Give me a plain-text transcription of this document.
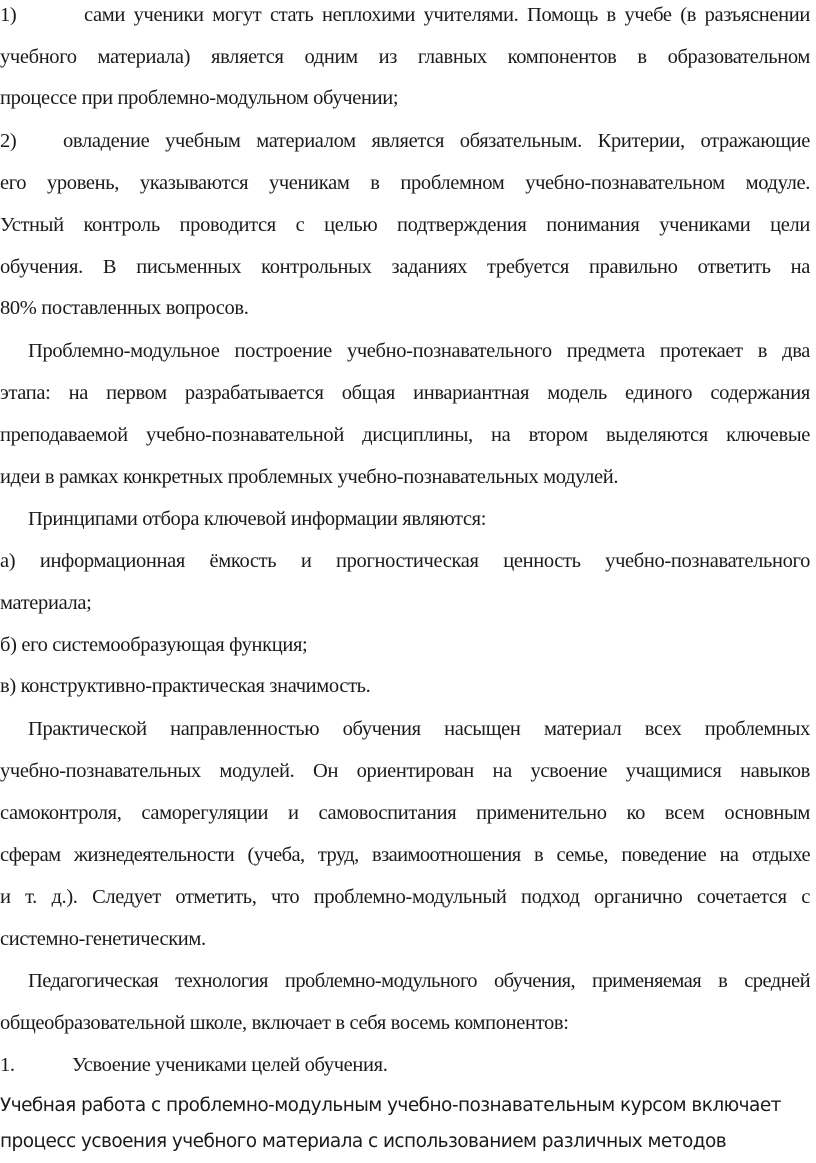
1)	сами ученики могут стать неплохими учителями. Помощь в учебе (в разъяснении
учебного материала) является одним из главных компонентов в образовательном
процессе при проблемно-модульном обучении;
2) овладение учебным материалом является обязательным. Критерии, отражающие
его уровень, указываются ученикам в проблемном учебно-познавательном модуле.
Устный контроль проводится с целью подтверждения понимания учениками цели
обучения. В письменных контрольных заданиях требуется правильно ответить на
80% поставленных вопросов.
Проблемно-модульное построение учебно-познавательного предмета протекает в два
этапа: на первом разрабатывается общая инвариантная модель единого содержания
преподаваемой учебно-познавательной дисциплины, на втором выделяются ключевые
идеи в рамках конкретных проблемных учебно-познавательных модулей.
Принципами отбора ключевой информации являются:
а) информационная ёмкость и прогностическая ценность учебно-познавательного
материала;
б) его системообразующая функция;
в) конструктивно-практическая значимость.
Практической направленностью обучения насыщен материал всех проблемных
учебно-познавательных модулей. Он ориентирован на усвоение учащимися навыков
самоконтроля, саморегуляции и самовоспитания применительно ко всем основным
сферам жизнедеятельности (учеба, труд, взаимоотношения в семье, поведение на отдыхе
и т. д.). Следует отметить, что проблемно-модульный подход органично сочетается с
системно-генетическим.
Педагогическая технология проблемно-модульного обучения, применяемая в средней
общеобразовательной школе, включает в себя восемь компонентов:
1.	Усвоение учениками целей обучения.
Учебная работа с проблемно-модульным учебно-познавательным курсом включает
процесс усвоения учебного материала с использованием различных методов
